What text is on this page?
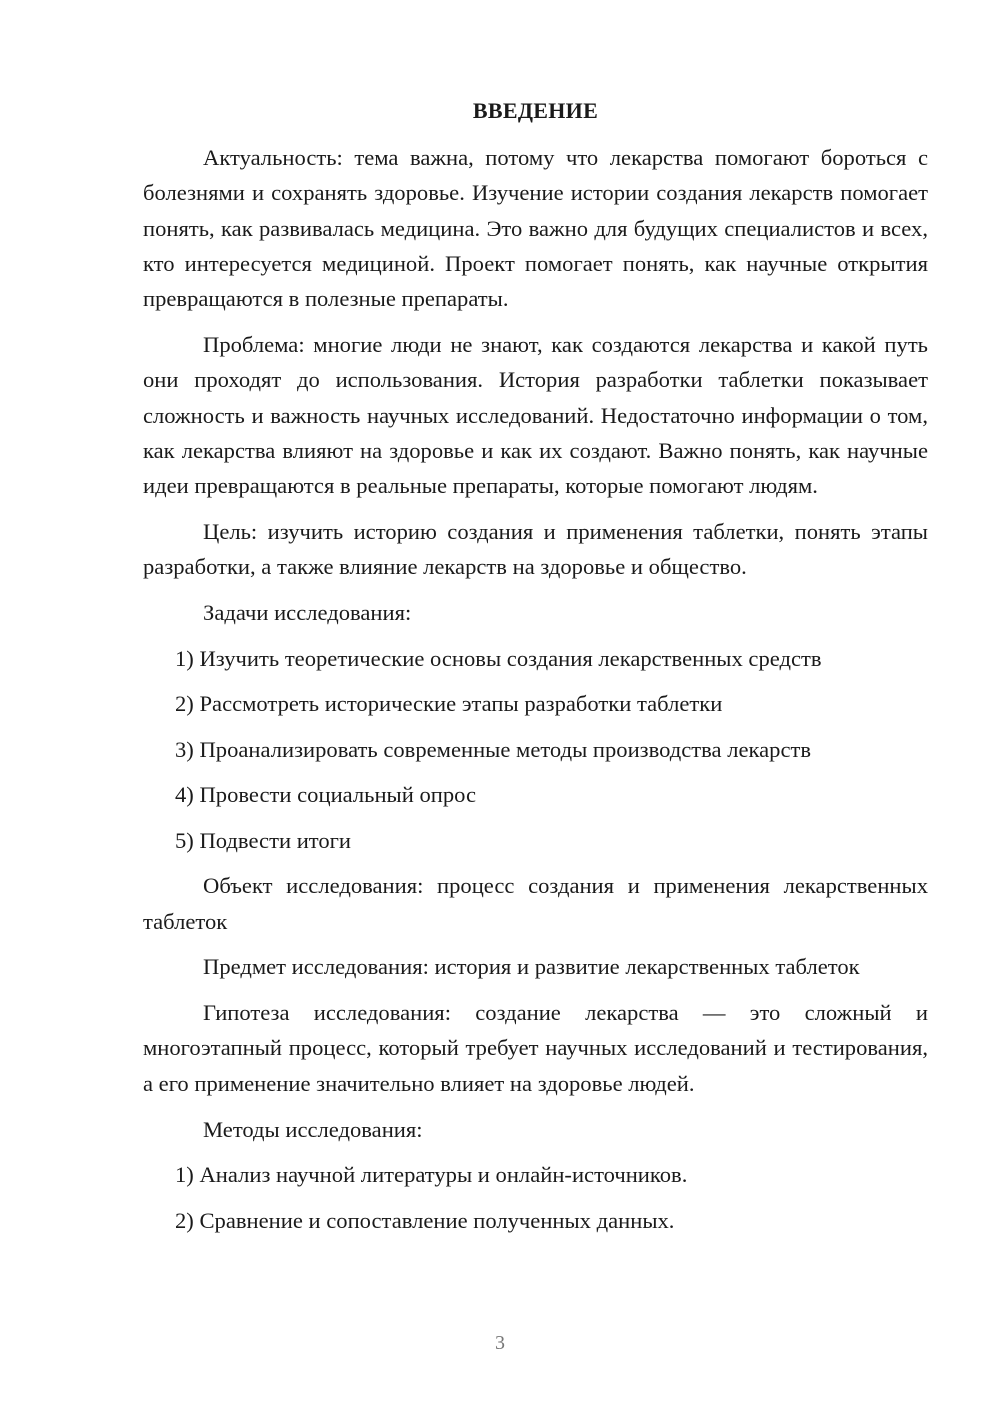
ВВЕДЕНИЕ

Актуальность: тема важна, потому что лекарства помогают бороться с болезнями и сохранять здоровье. Изучение истории создания лекарств помогает понять, как развивалась медицина. Это важно для будущих специалистов и всех, кто интересуется медициной. Проект помогает понять, как научные открытия превращаются в полезные препараты.

Проблема: многие люди не знают, как создаются лекарства и какой путь они проходят до использования. История разработки таблетки показывает сложность и важность научных исследований. Недостаточно информации о том, как лекарства влияют на здоровье и как их создают. Важно понять, как научные идеи превращаются в реальные препараты, которые помогают людям.

Цель: изучить историю создания и применения таблетки, понять этапы разработки, а также влияние лекарств на здоровье и общество.

Задачи исследования:

1) Изучить теоретические основы создания лекарственных средств
2) Рассмотреть исторические этапы разработки таблетки
3) Проанализировать современные методы производства лекарств
4) Провести социальный опрос
5) Подвести итоги

Объект исследования: процесс создания и применения лекарственных таблеток

Предмет исследования: история и развитие лекарственных таблеток

Гипотеза исследования: создание лекарства — это сложный и многоэтапный процесс, который требует научных исследований и тестирования, а его применение значительно влияет на здоровье людей.

Методы исследования:

1) Анализ научной литературы и онлайн-источников.
2) Сравнение и сопоставление полученных данных.
3
